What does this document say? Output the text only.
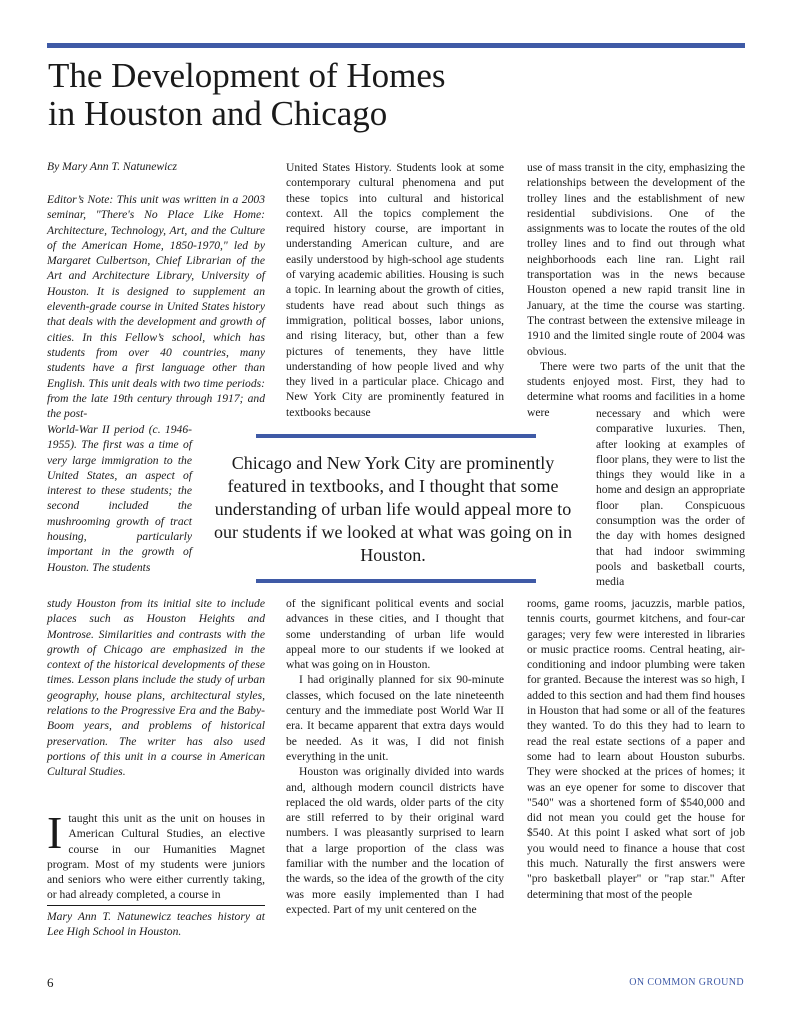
The Development of Homes
in Houston and Chicago
By Mary Ann T. Natunewicz

Editor’s Note: This unit was written in a 2003 seminar, "There's No Place Like Home: Architecture, Technology, Art, and the Culture of the American Home, 1850-1970," led by Margaret Culbertson, Chief Librarian of the Art and Architecture Library, University of Houston. It is designed to supplement an eleventh-grade course in United States history that deals with the development and growth of cities. In this Fellow’s school, which has students from over 40 countries, many students have a first language other than English. This unit deals with two time periods: from the late 19th century through 1917; and the post-

World-War II period (c. 1946-1955). The first was a time of very large immigration to the United States, an aspect of interest to these students; the second included the mushrooming growth of tract housing, particularly important in the growth of Houston. The students

study Houston from its initial site to include places such as Houston Heights and Montrose. Similarities and contrasts with the growth of Chicago are emphasized in the context of the historical developments of these times. Lesson plans include the study of urban geography, house plans, architectural styles, relations to the Progressive Era and the Baby-Boom years, and problems of historical preservation. The writer has also used portions of this unit in a course in American Cultural Studies.

I taught this unit as the unit on houses in American Cultural Studies, an elective course in our Humanities Magnet program. Most of my students were juniors and seniors who were either currently taking, or had already completed, a course in

Mary Ann T. Natunewicz teaches history at Lee High School in Houston.

United States History. Students look at some contemporary cultural phenomena and put these topics into cultural and historical context. All the topics complement the required history course, are important in understanding American culture, and are easily understood by high-school age students of varying academic abilities. Housing is such a topic. In learning about the growth of cities, students have read about such things as immigration, political bosses, labor unions, and rising literacy, but, other than a few pictures of tenements, they have little understanding of how people lived and why they lived in a particular place. Chicago and New York City are prominently featured in textbooks because

of the significant political events and social advances in these cities, and I thought that some understanding of urban life would appeal more to our students if we looked at what was going on in Houston.

I had originally planned for six 90-minute classes, which focused on the late nineteenth century and the immediate post World War II era. It became apparent that extra days would be needed. As it was, I did not finish everything in the unit.

Houston was originally divided into wards and, although modern council districts have replaced the old wards, older parts of the city are still referred to by their original ward numbers. I was pleasantly surprised to learn that a large proportion of the class was familiar with the number and the location of the wards, so the idea of the growth of the city was more easily implemented than I had expected. Part of my unit centered on the

use of mass transit in the city, emphasizing the relationships between the development of the trolley lines and the establishment of new residential subdivisions. One of the assignments was to locate the routes of the old trolley lines and to find out through what neighborhoods each line ran. Light rail transportation was in the news because Houston opened a new rapid transit line in January, at the time the course was starting. The contrast between the extensive mileage in 1910 and the limited single route of 2004 was obvious.

There were two parts of the unit that the students enjoyed most. First, they had to determine what rooms and facilities in a home were	necessary and which were comparative luxuries. Then, after looking at examples of floor plans, they were to list the things they would like in a home and design an appropriate floor plan. Conspicuous consumption was the order of the day with homes designed that had indoor swimming pools and basketball courts, media

rooms, game rooms, jacuzzis, marble patios, tennis courts, gourmet kitchens, and four-car garages; very few were interested in libraries or music practice rooms. Central heating, air-conditioning and indoor plumbing were taken for granted. Because the interest was so high, I added to this section and had them find houses in Houston that had some or all of the features they wanted. To do this they had to learn to read the real estate sections of a paper and some had to learn about Houston suburbs. They were shocked at the prices of homes; it was an eye opener for some to discover that "540" was a shortened form of $540,000 and did not mean you could get the house for $540. At this point I asked what sort of job you would need to finance a house that cost this much. Naturally the first answers were "pro basketball player" or "rap star." After determining that most of the people

Chicago and New York City are prominently featured in textbooks, and I thought that some understanding of urban life would appeal more to our students if we looked at what was going on in Houston.
6	ON COMMON GROUND
